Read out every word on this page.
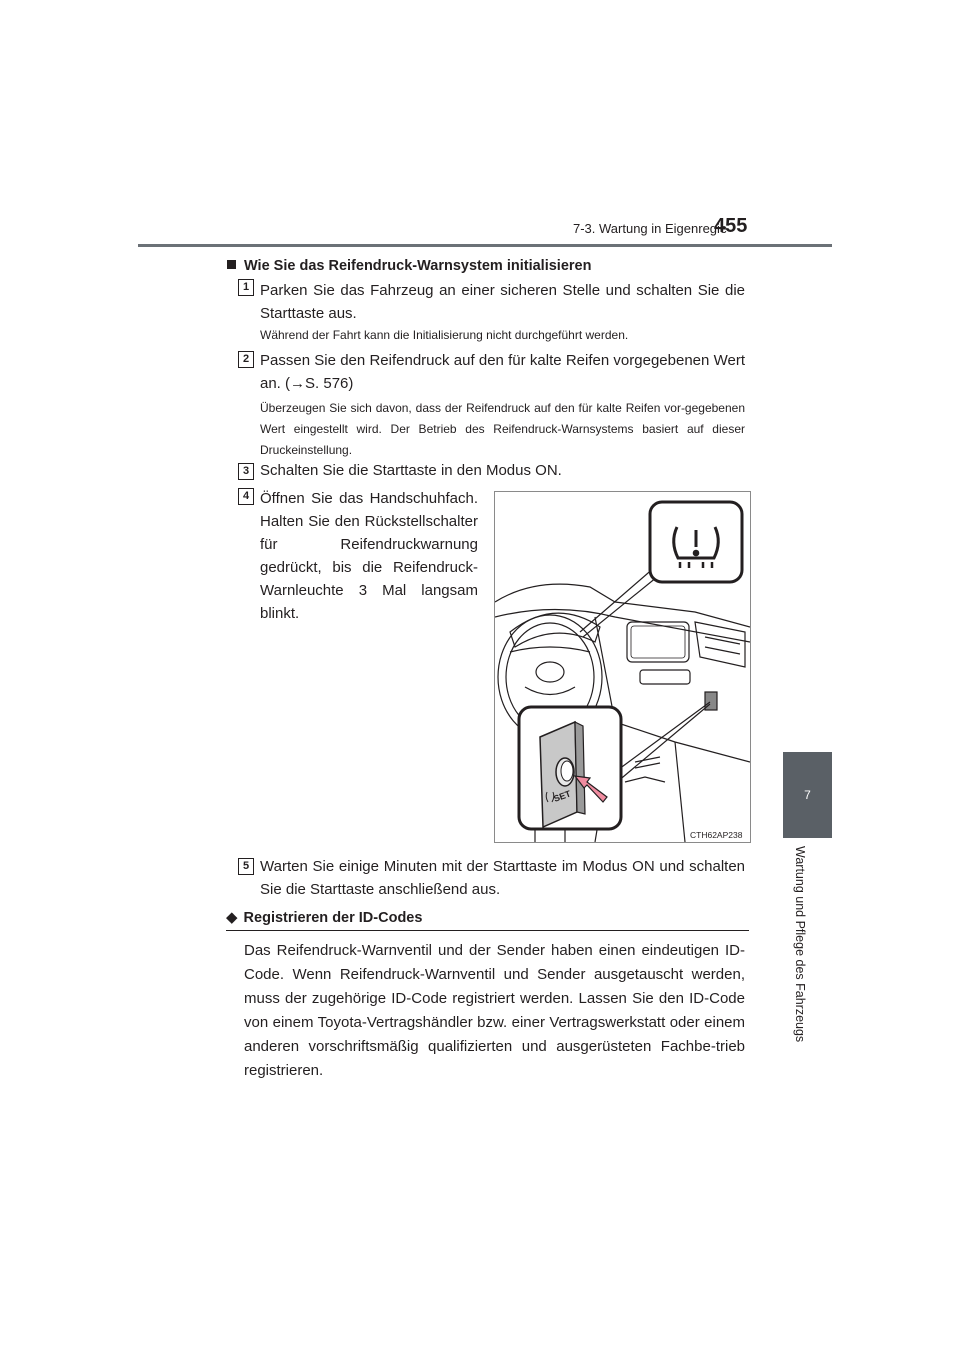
7-3. Wartung in Eigenregie
455
7
Wartung und Pflege des Fahrzeugs
Wie Sie das Reifendruck-Warnsystem initialisieren
1 Parken Sie das Fahrzeug an einer sicheren Stelle und schalten Sie die Starttaste aus.
Während der Fahrt kann die Initialisierung nicht durchgeführt werden.
2 Passen Sie den Reifendruck auf den für kalte Reifen vorgegebenen Wert an. (→S. 576)
Überzeugen Sie sich davon, dass der Reifendruck auf den für kalte Reifen vor-gegebenen Wert eingestellt wird. Der Betrieb des Reifendruck-Warnsystems basiert auf dieser Druckeinstellung.
3 Schalten Sie die Starttaste in den Modus ON.
4 Öffnen Sie das Handschuhfach. Halten Sie den Rückstellschalter für Reifendruckwarnung gedrückt, bis die Reifendruck-Warnleuchte 3 Mal langsam blinkt.
SET
CTH62AP238
5 Warten Sie einige Minuten mit der Starttaste im Modus ON und schalten Sie die Starttaste anschließend aus.
◆ Registrieren der ID-Codes
Das Reifendruck-Warnventil und der Sender haben einen eindeutigen ID-Code. Wenn Reifendruck-Warnventil und Sender ausgetauscht werden, muss der zugehörige ID-Code registriert werden. Lassen Sie den ID-Code von einem Toyota-Vertragshändler bzw. einer Vertragswerkstatt oder einem anderen vorschriftsmäßig qualifizierten und ausgerüsteten Fachbe-trieb registrieren.
